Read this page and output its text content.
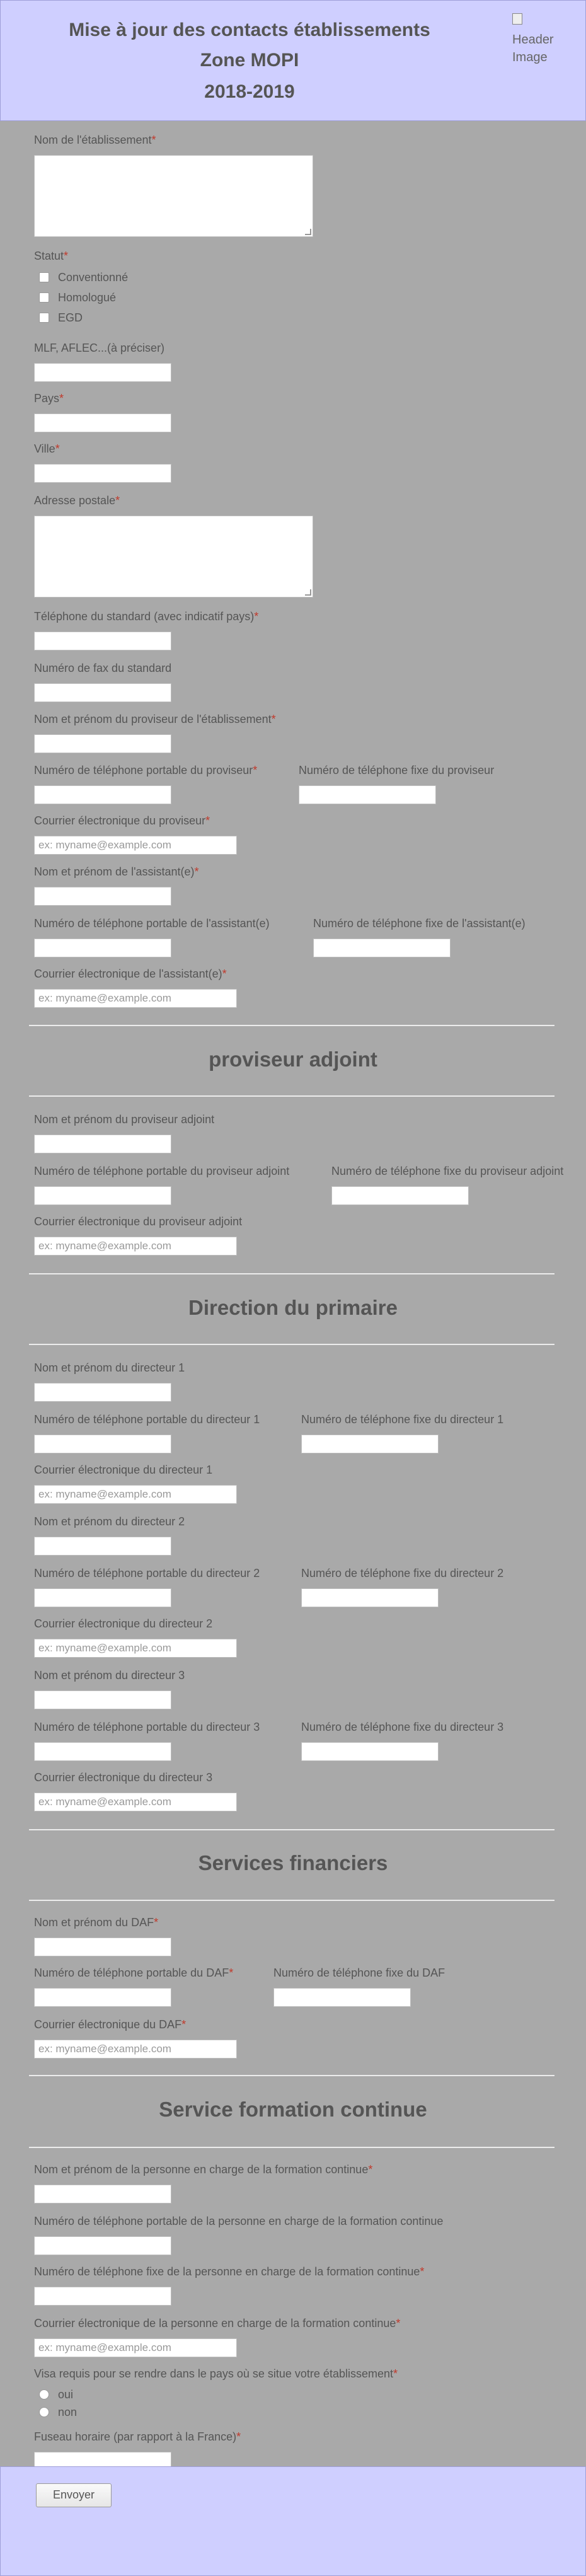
Mise à jour des contacts établissements
Zone MOPI
2018-2019
Header Image
Nom de l'établissement*
Statut*
Conventionné
Homologué
EGD
MLF, AFLEC...(à préciser)
Pays*
Ville*
Adresse postale*
Téléphone du standard (avec indicatif pays)*
Numéro de fax du standard
Nom et prénom du proviseur de l'établissement*
Numéro de téléphone portable du proviseur*	Numéro de téléphone fixe du proviseur
Courrier électronique du proviseur*
ex: myname@example.com
Nom et prénom de l'assistant(e)*
Numéro de téléphone portable de l'assistant(e)	Numéro de téléphone fixe de l'assistant(e)
Courrier électronique de l'assistant(e)*
ex: myname@example.com
proviseur adjoint
Nom et prénom du proviseur adjoint
Numéro de téléphone portable du proviseur adjoint	Numéro de téléphone fixe du proviseur adjoint
Courrier électronique du proviseur adjoint
ex: myname@example.com
Direction du primaire
Nom et prénom du directeur 1
Numéro de téléphone portable du directeur 1	Numéro de téléphone fixe du directeur 1
Courrier électronique du directeur 1
ex: myname@example.com
Nom et prénom du directeur 2
Numéro de téléphone portable du directeur 2	Numéro de téléphone fixe du directeur 2
Courrier électronique du directeur 2
ex: myname@example.com
Nom et prénom du directeur 3
Numéro de téléphone portable du directeur 3	Numéro de téléphone fixe du directeur 3
Courrier électronique du directeur 3
ex: myname@example.com
Services financiers
Nom et prénom du DAF*
Numéro de téléphone portable du DAF*	Numéro de téléphone fixe du DAF
Courrier électronique du DAF*
ex: myname@example.com
Service formation continue
Nom et prénom de la personne en charge de la formation continue*
Numéro de téléphone portable de la personne en charge de la formation continue
Numéro de téléphone fixe de la personne en charge de la formation continue*
Courrier électronique de la personne en charge de la formation continue*
ex: myname@example.com
Visa requis pour se rendre dans le pays où se situe votre établissement*
oui
non
Fuseau horaire (par rapport à la France)*
Envoyer
